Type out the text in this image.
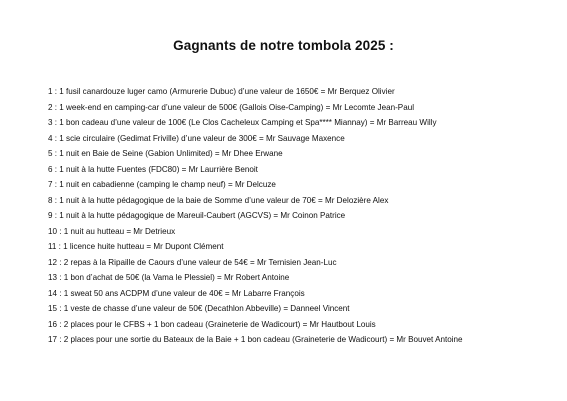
Gagnants de notre tombola 2025 :
1 : 1 fusil canardouze luger camo (Armurerie Dubuc) d’une valeur de 1650€ = Mr Berquez Olivier
2 : 1 week-end en camping-car d’une valeur de 500€ (Gallois Oise-Camping) = Mr Lecomte Jean-Paul
3 : 1 bon cadeau d’une valeur de 100€ (Le Clos Cacheleux Camping et Spa**** Miannay) = Mr Barreau Willy
4 : 1 scie circulaire (Gedimat Friville) d’une valeur de 300€ = Mr Sauvage Maxence
5 : 1 nuit en Baie de Seine (Gabion Unlimited) = Mr Dhee Erwane
6 : 1 nuit à la hutte Fuentes (FDC80) = Mr Laurrière Benoit
7 : 1 nuit en cabadienne (camping le champ neuf) = Mr Delcuze
8 : 1 nuit à la hutte pédagogique de la baie de Somme d’une valeur de 70€ = Mr Delozière Alex
9 : 1 nuit à la hutte pédagogique de Mareuil-Caubert (AGCVS) = Mr Coinon Patrice
10 : 1 nuit au hutteau = Mr Detrieux
11 : 1 licence huite hutteau = Mr Dupont Clément
12 : 2 repas à la Ripaille de Caours d’une valeur de 54€ = Mr Ternisien Jean-Luc
13 : 1 bon d’achat de 50€ (la Vama le Plessiel) = Mr Robert Antoine
14 : 1 sweat 50 ans ACDPM d’une valeur de 40€ = Mr Labarre François
15 : 1 veste de chasse d’une valeur de 50€ (Decathlon Abbeville) = Danneel Vincent
16 : 2 places pour le CFBS + 1 bon cadeau (Graineterie de Wadicourt) = Mr Hautbout Louis
17 : 2 places pour une sortie du Bateaux de la Baie + 1 bon cadeau (Graineterie de Wadicourt) = Mr Bouvet Antoine
